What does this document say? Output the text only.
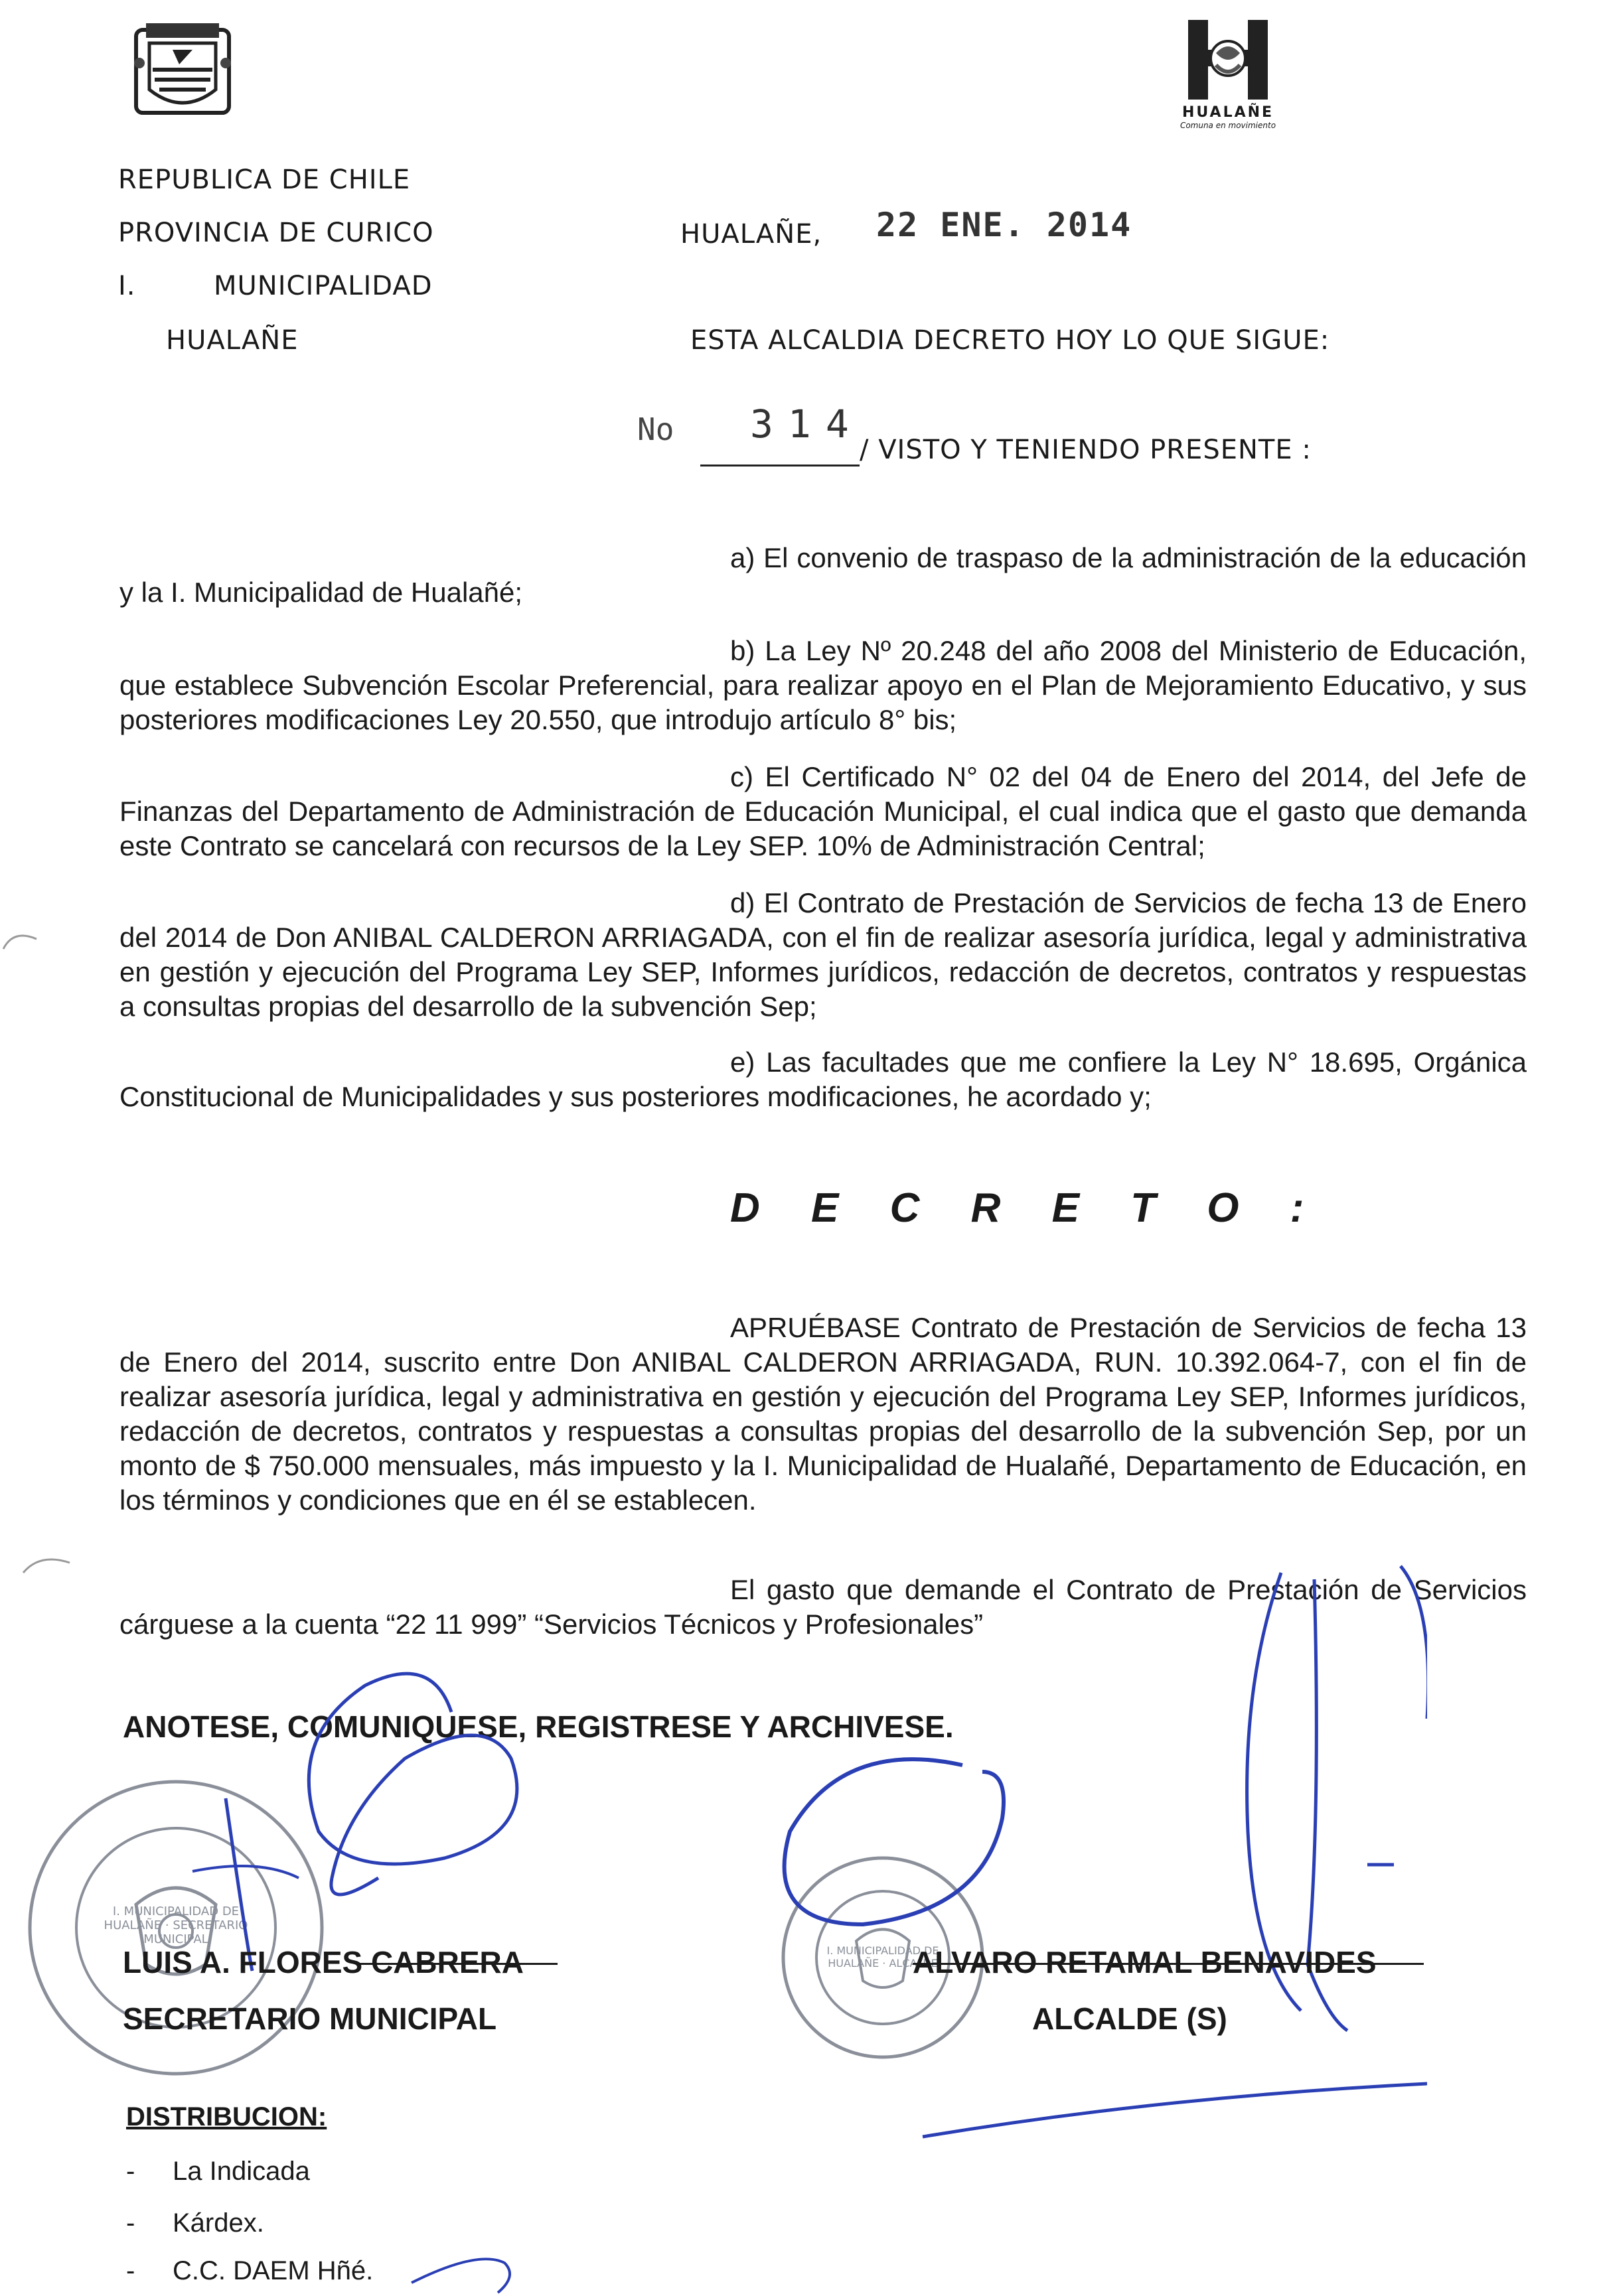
HUALAÑE
Comuna en movimiento
REPUBLICA DE CHILE
PROVINCIA DE CURICO
I.	MUNICIPALIDAD
HUALAÑE
HUALAÑE, 22 ENE. 2014
ESTA ALCALDIA DECRETO HOY LO QUE SIGUE:
No 314
/ VISTO Y TENIENDO PRESENTE :
a) El convenio de traspaso de la administración de la educación y la I. Municipalidad de Hualañé;
b) La Ley Nº 20.248 del año 2008 del Ministerio de Educación, que establece Subvención Escolar Preferencial, para realizar apoyo en el Plan de Mejoramiento Educativo, y sus posteriores modificaciones Ley 20.550, que introdujo artículo 8° bis;
c) El Certificado N° 02 del 04 de Enero del 2014, del Jefe de Finanzas del Departamento de Administración de Educación Municipal, el cual indica que el gasto que demanda este Contrato se cancelará con recursos de la Ley SEP. 10% de Administración Central;
d) El Contrato de Prestación de Servicios de fecha 13 de Enero del 2014 de Don ANIBAL CALDERON ARRIAGADA, con el fin de realizar asesoría jurídica, legal y administrativa en gestión y ejecución del Programa Ley SEP, Informes jurídicos, redacción de decretos, contratos y respuestas a consultas propias del desarrollo de la subvención Sep;
e) Las facultades que me confiere la Ley N° 18.695, Orgánica Constitucional de Municipalidades y sus posteriores modificaciones, he acordado y;
D E C R E T O :
APRUÉBASE Contrato de Prestación de Servicios de fecha 13 de Enero del 2014, suscrito entre Don ANIBAL CALDERON ARRIAGADA, RUN. 10.392.064-7, con el fin de realizar asesoría jurídica, legal y administrativa en gestión y ejecución del Programa Ley SEP, Informes jurídicos, redacción de decretos, contratos y respuestas a consultas propias del desarrollo de la subvención Sep, por un monto de $ 750.000 mensuales, más impuesto y la I. Municipalidad de Hualañé, Departamento de Educación, en los términos y condiciones que en él se establecen.
El gasto que demande el Contrato de Prestación de Servicios cárguese a la cuenta “22 11 999” “Servicios Técnicos y Profesionales”
ANOTESE, COMUNIQUESE, REGISTRESE Y ARCHIVESE.
I. MUNICIPALIDAD DE HUALAÑE · SECRETARIO MUNICIPAL
I. MUNICIPALIDAD DE HUALAÑE · ALCALDE
LUIS A. FLORES CABRERA
SECRETARIO MUNICIPAL
ALVARO RETAMAL BENAVIDES
ALCALDE (S)
DISTRIBUCION:
- La Indicada
- Kárdex.
- C.C. DAEM Hñé.
